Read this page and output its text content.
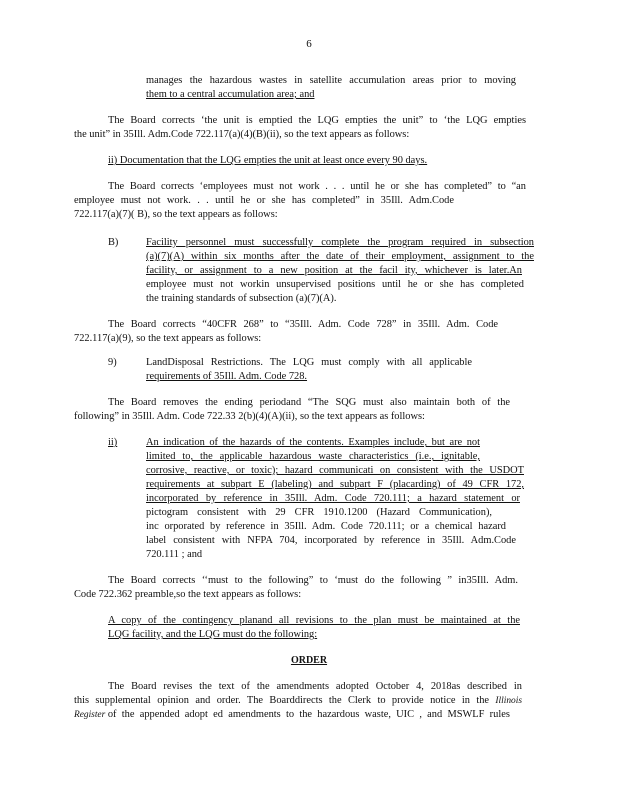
6
manages the hazardous wastes in satellite accumulation areas prior to moving
them to a central accumulation area; and
The Board corrects ‘the unit is emptied the LQG empties the unit” to ‘the LQG empties
the unit” in 35Ill. Adm.Code 722.117(a)(4)(B)(ii), so the text appears as follows:
ii) Documentation that the LQG empties the unit at least once every 90 days.
The Board corrects ‘employees must not work . . . until he or she has completed” to “an
employee must not work. . . until he or she has completed” in 35Ill. Adm.Code
722.117(a)(7)( B), so the text appears as follows:
B)	Facility personnel must successfully complete the program required in subsection
(a)(7)(A) within six months after the date of their employment, assignment to the
facility, or assignment to a new position at the facil ity, whichever is later.An
employee must not workin unsupervised positions until he or she has completed
the training standards of subsection (a)(7)(A).
The Board corrects “40CFR 268” to “35Ill. Adm. Code 728” in 35Ill. Adm. Code
722.117(a)(9), so the text appears as follows:
9)	LandDisposal Restrictions. The LQG must comply with all applicable
requirements of 35Ill. Adm. Code 728.
The Board removes the ending periodand “The SQG must also maintain both of the
following” in 35Ill. Adm. Code 722.33 2(b)(4)(A)(ii), so the text appears as follows:
ii)	An indication of the hazards of the contents. Examples include, but are not
limited to, the applicable hazardous waste characteristics (i.e., ignitable,
corrosive, reactive, or toxic); hazard communicati on consistent with the USDOT
requirements at subpart E (labeling) and subpart F (placarding) of 49 CFR 172,
incorporated by reference in 35Ill. Adm. Code 720.111; a hazard statement or
pictogram consistent with 29 CFR 1910.1200 (Hazard Communication),
inc orporated by reference in 35Ill. Adm. Code 720.111; or a chemical hazard
label consistent with NFPA 704, incorporated by reference in 35Ill. Adm.Code
720.111 ; and
The Board corrects ‘‘must to the following” to ‘must do the following ” in35Ill. Adm.
Code 722.362 preamble,so the text appears as follows:
A copy of the contingency planand all revisions to the plan must be maintained at the
LQG facility, and the LQG must do the following:
ORDER
The Board revises the text of the amendments adopted October 4, 2018as described in
this supplemental opinion and order. The Boarddirects the Clerk to provide notice in the Illinois
Register of the appended adopt ed amendments to the hazardous waste, UIC , and MSWLF rules
